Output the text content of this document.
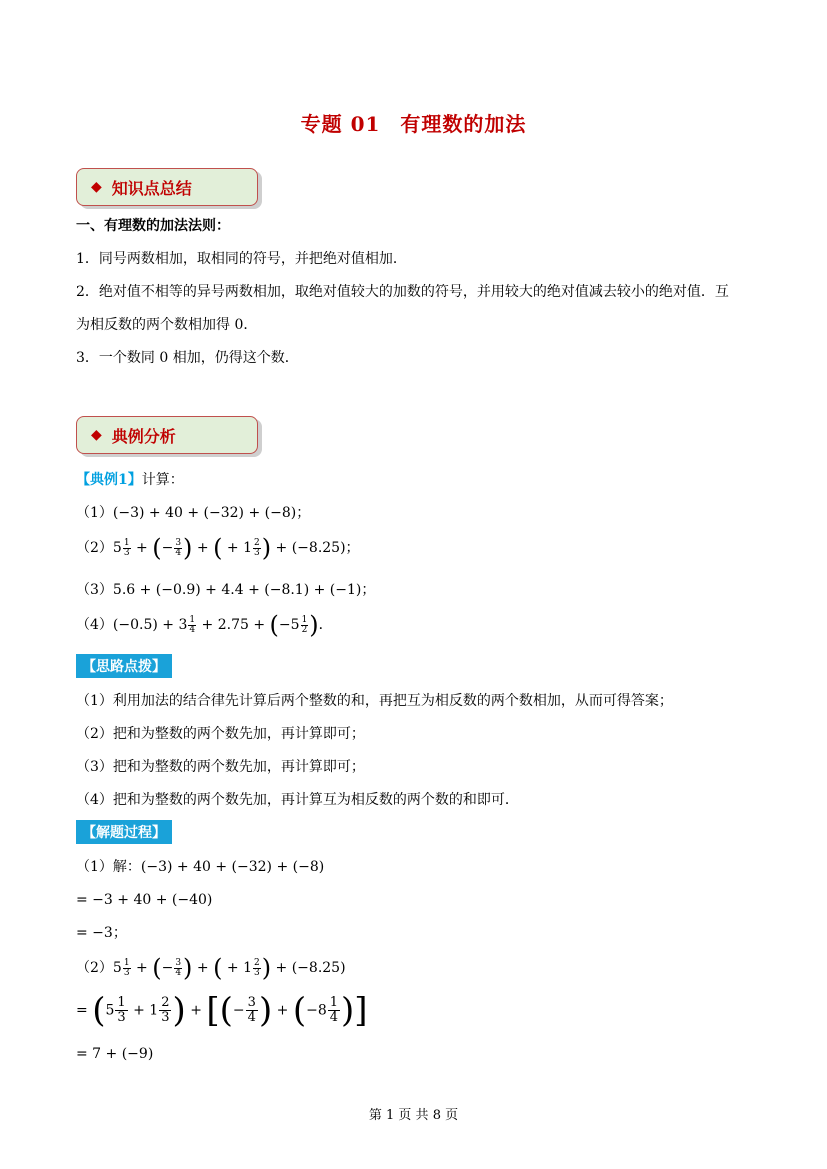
专题 01 有理数的加法
◆ 知识点总结
一、有理数的加法法则：
1．同号两数相加，取相同的符号，并把绝对值相加．
2．绝对值不相等的异号两数相加，取绝对值较大的加数的符号，并用较大的绝对值减去较小的绝对值．互
为相反数的两个数相加得 0．
3．一个数同 0 相加，仍得这个数．
◆ 典例分析
【典例1】计算：
（1）(−3) + 40 + (−32) + (−8)；
$(2)5 \frac{1}{3}$ + (− $\frac{3}{4}$ ) + ( + $1 \frac{2}{3}$ ) + (−8.25)；
（3）5.6 + (−0.9) + 4.4 + (−8.1) + (−1)；
$(4)(-0.5) + 3 \frac{1}{4} + 2.75 + (-5 \frac{1}{2}$ )．
【思路点拨】
（1）利用加法的结合律先计算后两个整数的和，再把互为相反数的两个数相加，从而可得答案；
（2）把和为整数的两个数先加，再计算即可；
（3）把和为整数的两个数先加，再计算即可；
（4）把和为整数的两个数先加，再计算互为相反数的两个数的和即可．
【解题过程】
（1）解：(−3) + 40 + (−32) + (−8)
= −3 + 40 + (−40)
= −3；
$(2)5 \frac{1}{3}$ + (− $\frac{3}{4}$ ) + ( + $1 \frac{2}{3}$ ) + (−8.25)
= ($5 \frac{1}{3} + 1 \frac{2}{3}$ ) + [(− $\frac{3}{4}$ ) + ($-8 \frac{1}{4}$ )]
= 7 + (−9)
第 1 页 共 8 页
